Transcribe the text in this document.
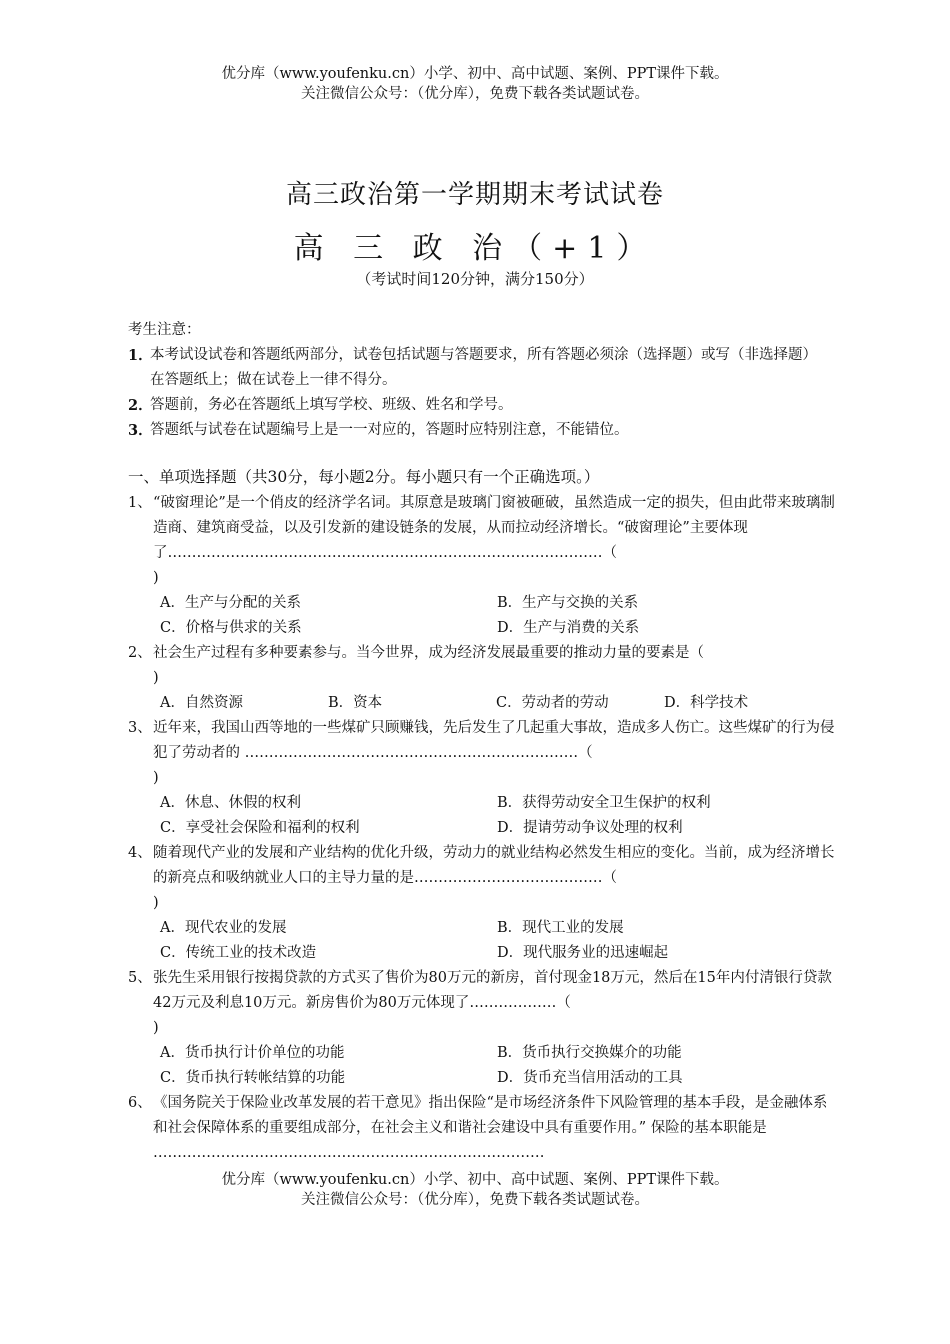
优分库（www.youfenku.cn）小学、初中、高中试题、案例、PPT课件下载。
关注微信公众号：（优分库），免费下载各类试题试卷。
高三政治第一学期期末考试试卷
高 三 政 治（+1）
（考试时间120分钟，满分150分）
考生注意：
1．
本考试设试卷和答题纸两部分，试卷包括试题与答题要求，所有答题必须涂（选择题）或写（非选择题）在答题纸上；做在试卷上一律不得分。
2．
答题前，务必在答题纸上填写学校、班级、姓名和学号。
3．
答题纸与试卷在试题编号上是一一对应的，答题时应特别注意，不能错位。
一、单项选择题（共30分，每小题2分。每小题只有一个正确选项。）
1、 “破窗理论”是一个俏皮的经济学名词。其原意是玻璃门窗被砸破，虽然造成一定的损失，但由此带来玻璃制造商、建筑商受益，以及引发新的建设链条的发展，从而拉动经济增长。“破窗理论”主要体现了………………………………………………………………………………（
)
A．生产与分配的关系	B．生产与交换的关系
C．价格与供求的关系	D．生产与消费的关系
2、 社会生产过程有多种要素参与。当今世界，成为经济发展最重要的推动力量的要素是（
)
A．自然资源	B．资本	C．劳动者的劳动	D．科学技术
3、 近年来，我国山西等地的一些煤矿只顾赚钱，先后发生了几起重大事故，造成多人伤亡。这些煤矿的行为侵犯了劳动者的 ……………………………………………………………（
)
A．休息、休假的权利	B．获得劳动安全卫生保护的权利
C．享受社会保险和福利的权利	D．提请劳动争议处理的权利
4、 随着现代产业的发展和产业结构的优化升级，劳动力的就业结构必然发生相应的变化。当前，成为经济增长的新亮点和吸纳就业人口的主导力量的是…………………………………（
)
A．现代农业的发展	B．现代工业的发展
C．传统工业的技术改造	D．现代服务业的迅速崛起
5、 张先生采用银行按揭贷款的方式买了售价为80万元的新房，首付现金18万元，然后在15年内付清银行贷款42万元及利息10万元。新房售价为80万元体现了………………（
)
A．货币执行计价单位的功能	B．货币执行交换媒介的功能
C．货币执行转帐结算的功能	D．货币充当信用活动的工具
6、 《国务院关于保险业改革发展的若干意见》指出保险“是市场经济条件下风险管理的基本手段，是金融体系和社会保障体系的重要组成部分，在社会主义和谐社会建设中具有重要作用。” 保险的基本职能是 ………………………………………………………………………
优分库（www.youfenku.cn）小学、初中、高中试题、案例、PPT课件下载。
关注微信公众号：（优分库），免费下载各类试题试卷。
